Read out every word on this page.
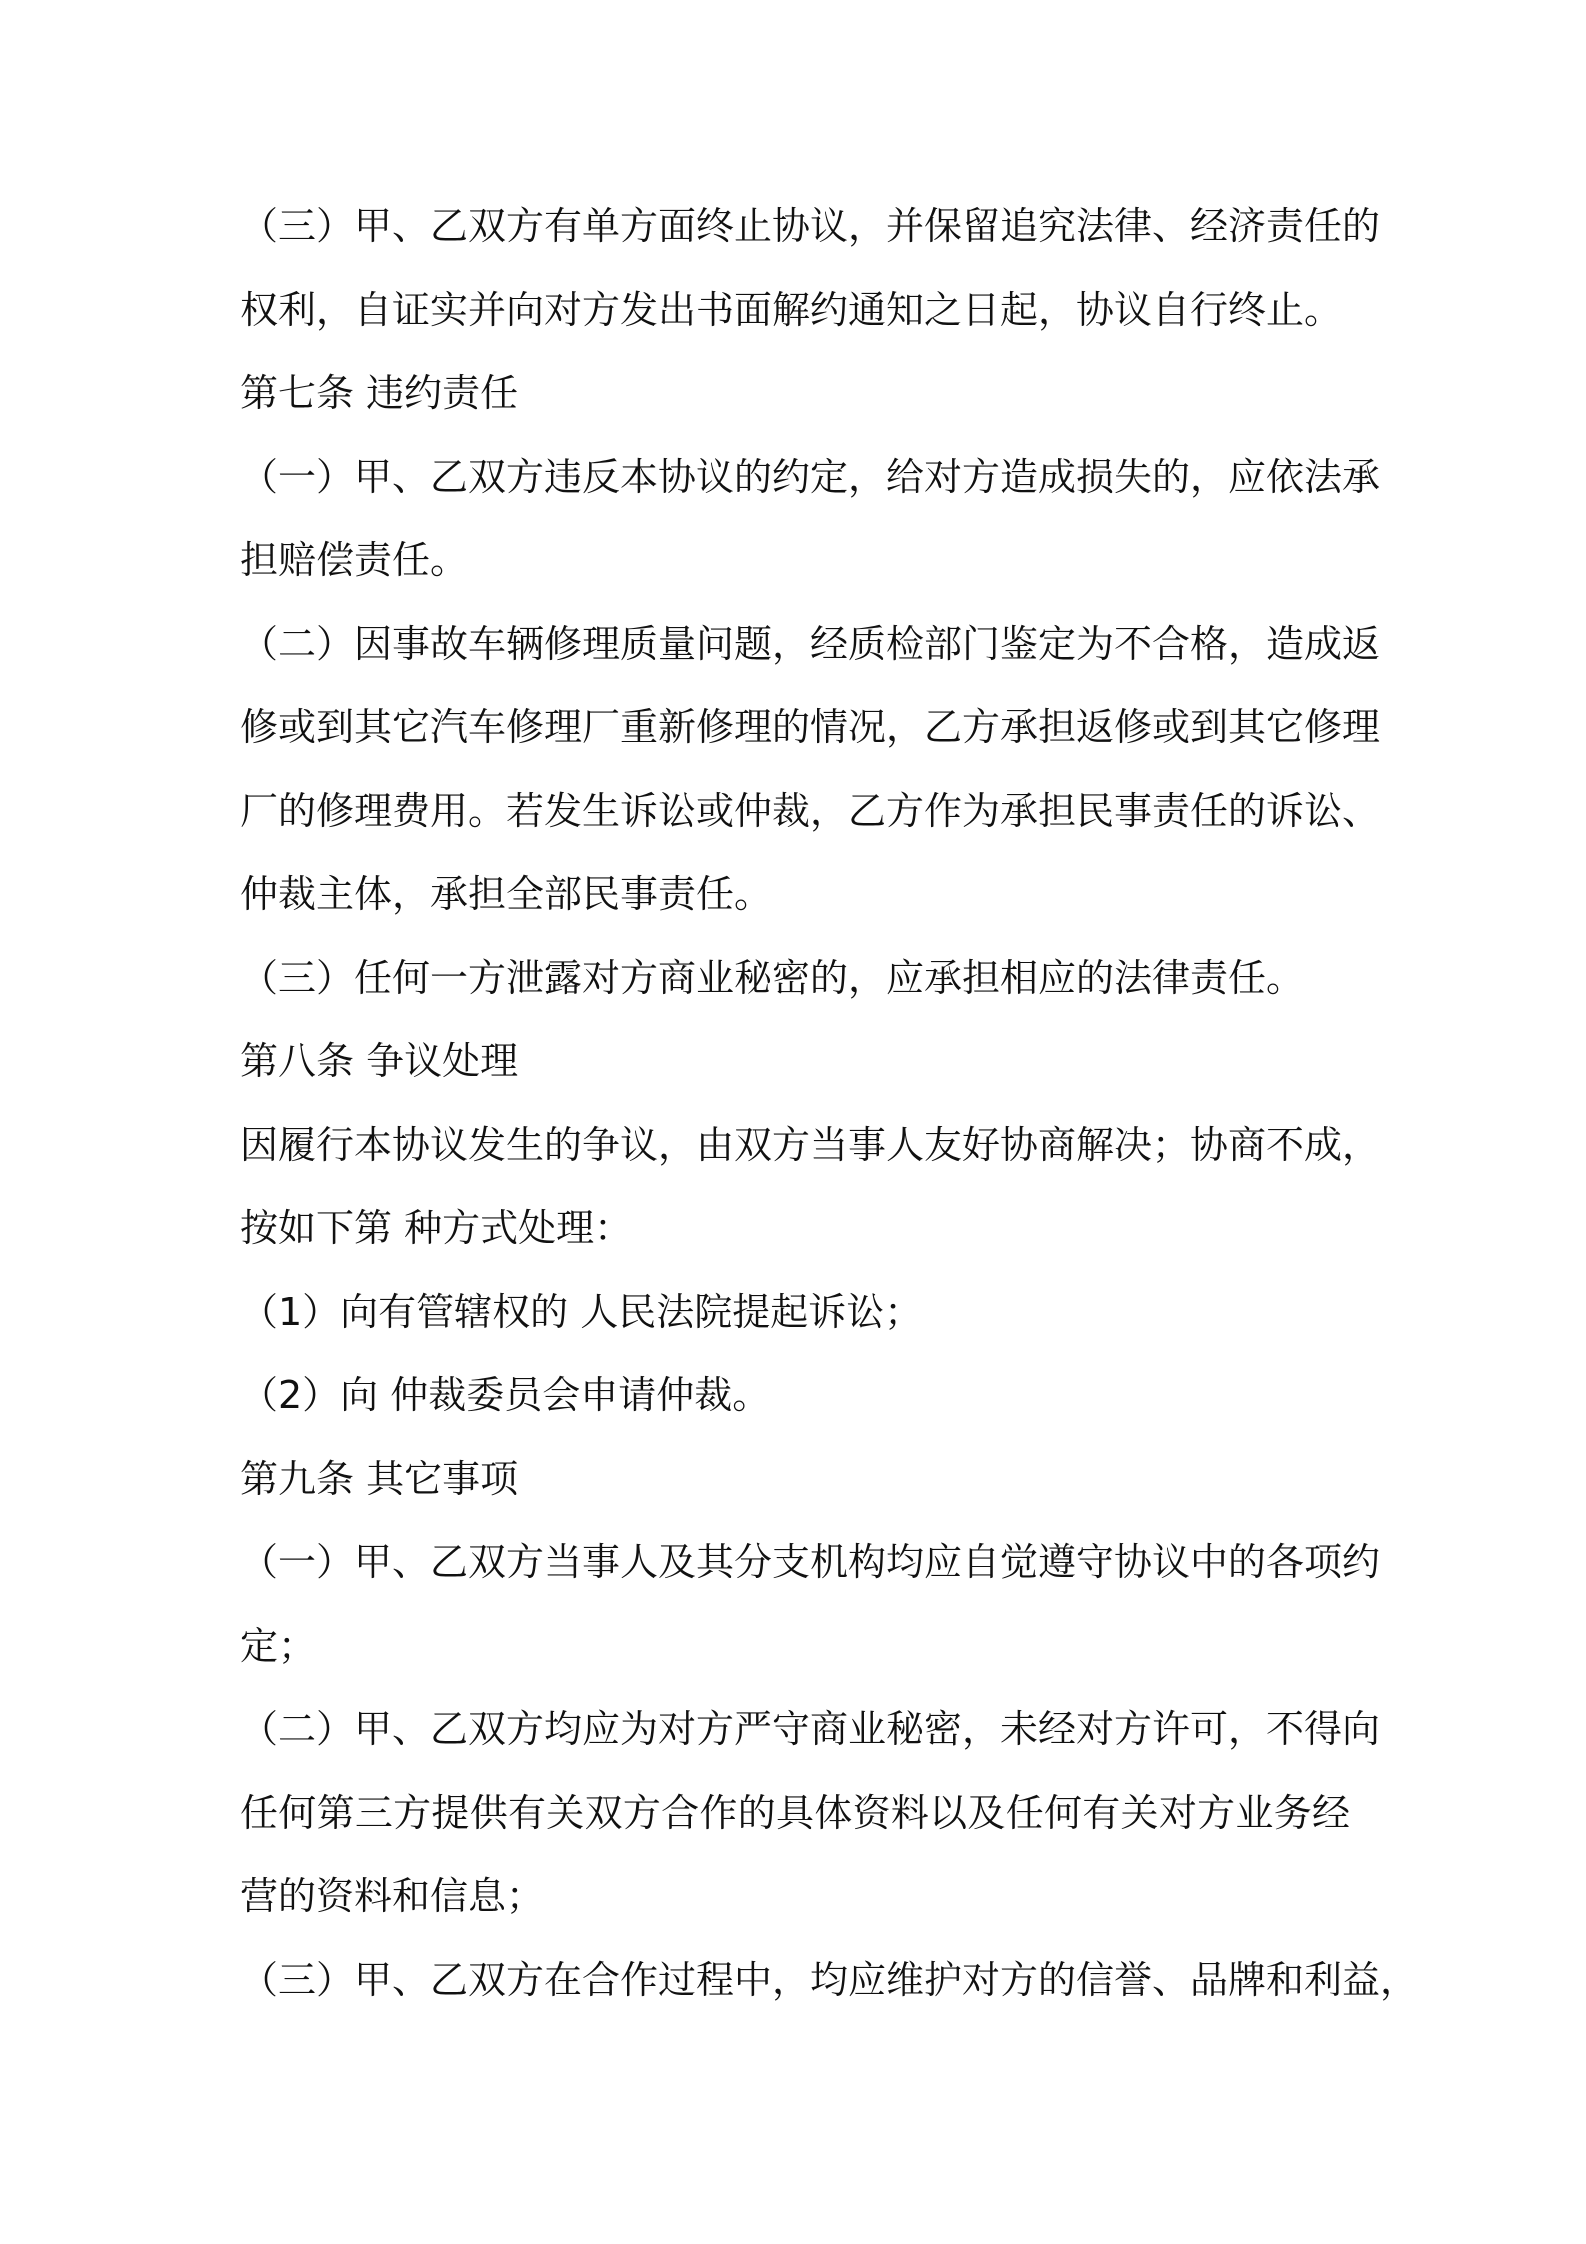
（三）甲、乙双方有单方面终止协议，并保留追究法律、经济责任的
权利，自证实并向对方发出书面解约通知之日起，协议自行终止。
第七条 违约责任
（一）甲、乙双方违反本协议的约定，给对方造成损失的，应依法承
担赔偿责任。
（二）因事故车辆修理质量问题，经质检部门鉴定为不合格，造成返
修或到其它汽车修理厂重新修理的情况，乙方承担返修或到其它修理
厂的修理费用。若发生诉讼或仲裁，乙方作为承担民事责任的诉讼、
仲裁主体，承担全部民事责任。
（三）任何一方泄露对方商业秘密的，应承担相应的法律责任。
第八条 争议处理
因履行本协议发生的争议，由双方当事人友好协商解决；协商不成，
按如下第 种方式处理：
（1）向有管辖权的 人民法院提起诉讼；
（2）向 仲裁委员会申请仲裁。
第九条 其它事项
（一）甲、乙双方当事人及其分支机构均应自觉遵守协议中的各项约
定；
（二）甲、乙双方均应为对方严守商业秘密，未经对方许可，不得向
任何第三方提供有关双方合作的具体资料以及任何有关对方业务经
营的资料和信息；
（三）甲、乙双方在合作过程中，均应维护对方的信誉、品牌和利益，
